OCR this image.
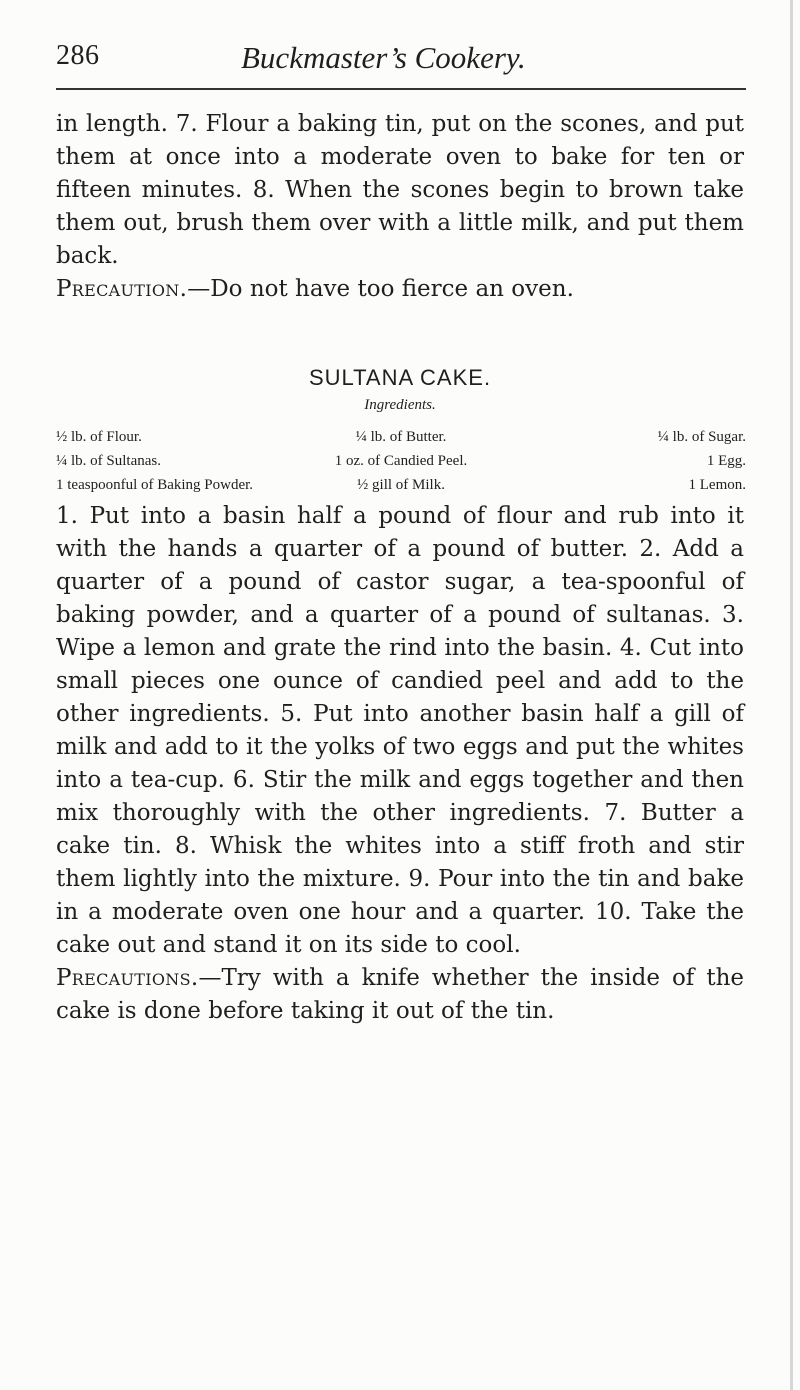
286	Buckmaster’s Cookery.

in length. 7. Flour a baking tin, put on the scones, and put them at once into a moderate oven to bake for ten or fifteen minutes. 8. When the scones begin to brown take them out, brush them over with a little milk, and put them back.

Precaution.—Do not have too fierce an oven.

SULTANA CAKE.
Ingredients.
½ lb. of Flour.	¼ lb. of Butter.	¼ lb. of Sugar.
¼ lb. of Sultanas.	1 oz. of Candied Peel.	1 Egg.
1 teaspoonful of Baking Powder.	½ gill of Milk.	1 Lemon.

1. Put into a basin half a pound of flour and rub into it with the hands a quarter of a pound of butter. 2. Add a quarter of a pound of castor sugar, a tea-spoonful of baking powder, and a quarter of a pound of sultanas. 3. Wipe a lemon and grate the rind into the basin. 4. Cut into small pieces one ounce of candied peel and add to the other ingredients. 5. Put into another basin half a gill of milk and add to it the yolks of two eggs and put the whites into a tea-cup. 6. Stir the milk and eggs together and then mix thoroughly with the other ingredients. 7. Butter a cake tin. 8. Whisk the whites into a stiff froth and stir them lightly into the mixture. 9. Pour into the tin and bake in a moderate oven one hour and a quarter. 10. Take the cake out and stand it on its side to cool.

Precautions.—Try with a knife whether the inside of the cake is done before taking it out of the tin.
